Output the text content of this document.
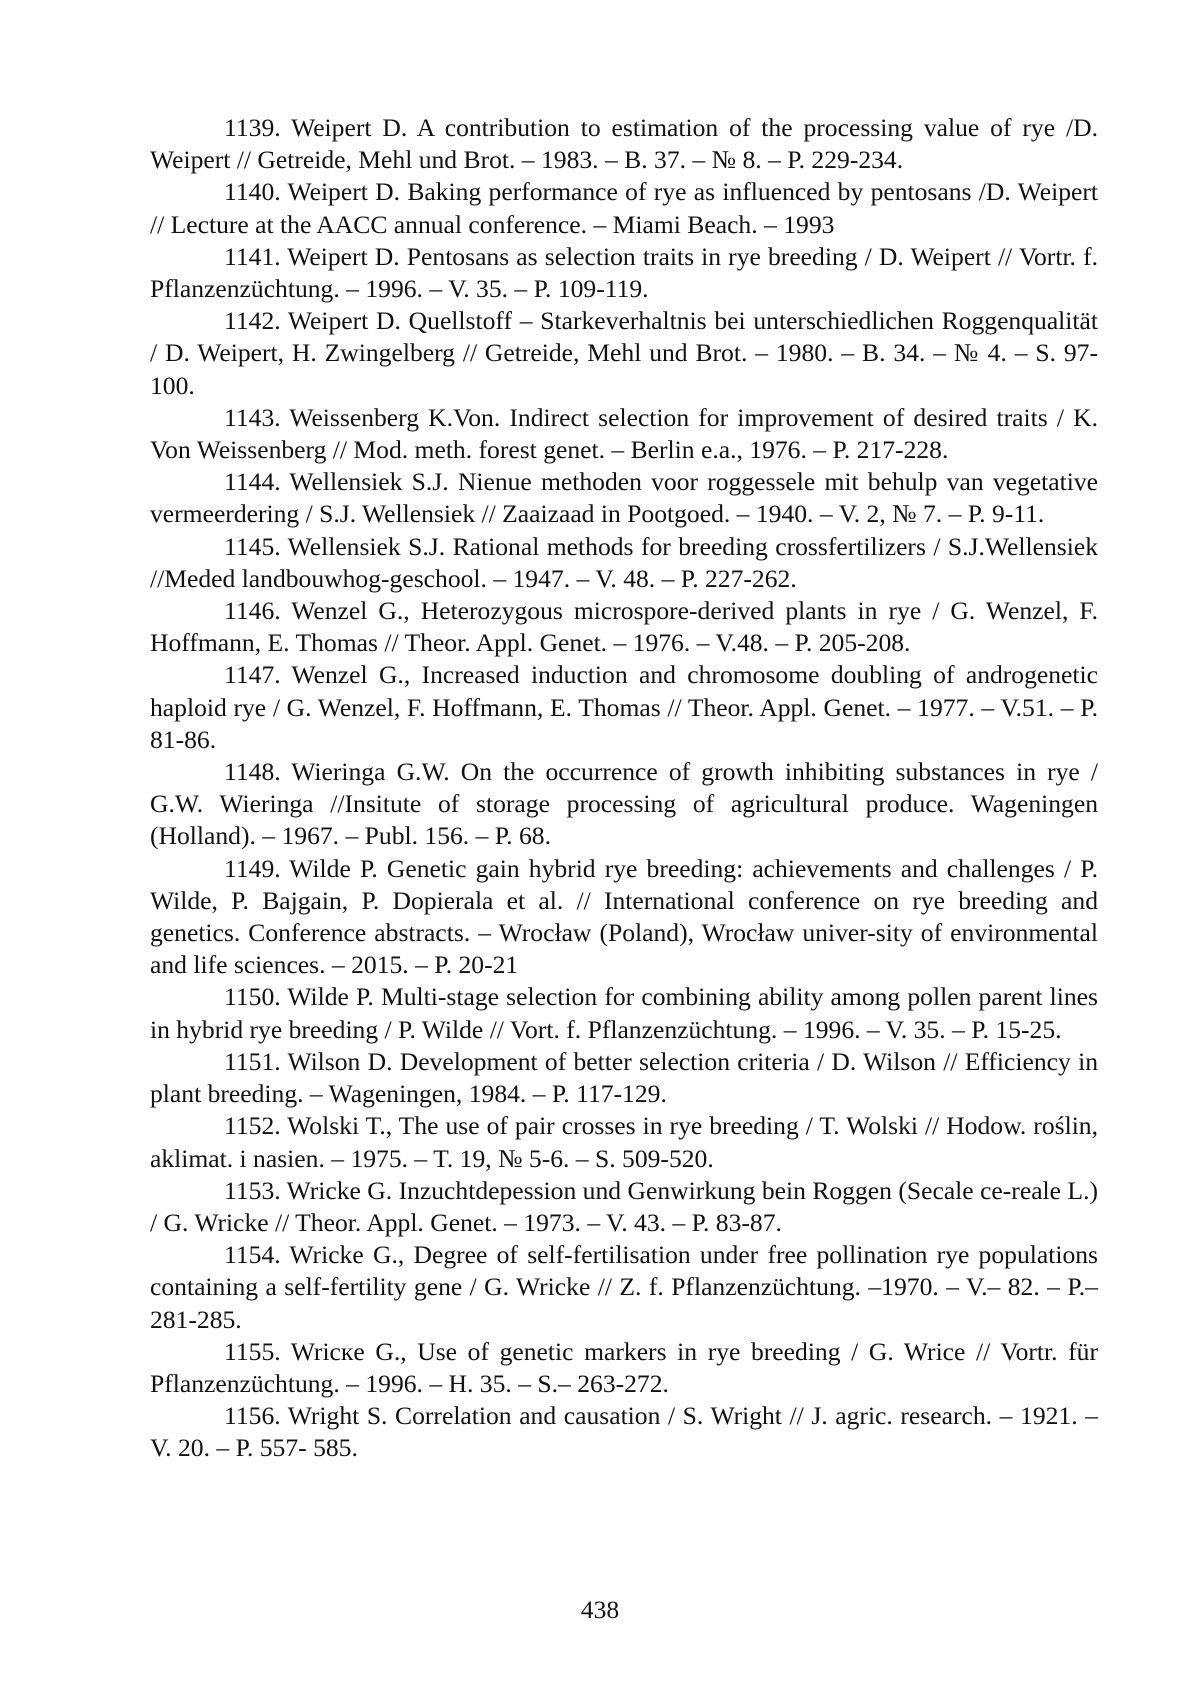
1139. Weipert D. A contribution to estimation of the processing value of rye /D. Weipert // Getreide, Mehl und Brot. – 1983. – B. 37. – № 8. – P. 229-234.

1140. Weipert D. Baking performance of rye as influenced by pentosans /D. Weipert // Lecture at the AACC annual conference. – Miami Beach. – 1993

1141. Weipert D. Pentosans as selection traits in rye breeding / D. Weipert // Vortr. f. Pflanzenzüchtung. – 1996. – V. 35. – P. 109-119.

1142. Weipert D. Quellstoff – Starkeverhaltnis bei unterschiedlichen Roggenqualität / D. Weipert, H. Zwingelberg // Getreide, Mehl und Brot. – 1980. – B. 34. – № 4. – S. 97-100.

1143. Weissenberg K.Von. Indirect selection for improvement of desired traits / K. Von Weissenberg // Mod. meth. forest genet. – Berlin e.a., 1976. – P. 217-228.

1144. Wellensiek S.J. Nienue methoden voor roggessele mit behulp van vegetative vermeerdering / S.J. Wellensiek // Zaaizaad in Pootgoed. – 1940. – V. 2, № 7. – P. 9-11.

1145. Wellensiek S.J. Rational methods for breeding crossfertilizers / S.J.Wellensiek //Meded landbouwhog-geschool. – 1947. – V. 48. – P. 227-262.

1146. Wenzel G., Heterozygous microspore-derived plants in rye / G. Wenzel, F. Hoffmann, E. Thomas // Theor. Appl. Genet. – 1976. – V.48. – P. 205-208.

1147. Wenzel G., Increased induction and chromosome doubling of androgenetic haploid rye / G. Wenzel, F. Hoffmann, E. Thomas // Theor. Appl. Genet. – 1977. – V.51. – P. 81-86.

1148. Wieringa G.W. On the occurrence of growth inhibiting substances in rye / G.W. Wieringa //Insitute of storage processing of agricultural produce. Wageningen (Holland). – 1967. – Publ. 156. – P. 68.

1149. Wilde P. Genetic gain hybrid rye breeding: achievements and challenges / P. Wilde, P. Bajgain, P. Dopierala et al. // International conference on rye breeding and genetics. Conference abstracts. – Wrocław (Poland), Wrocław univer-sity of environmental and life sciences. – 2015. – P. 20-21

1150. Wilde P. Multi-stage selection for combining ability among pollen parent lines in hybrid rye breeding / P. Wilde // Vort. f. Pflanzenzüchtung. – 1996. – V. 35. – P. 15-25.

1151. Wilson D. Development of better selection criteria / D. Wilson // Efficiency in plant breeding. – Wageningen, 1984. – P. 117-129.

1152. Wolski T., The use of pair crosses in rye breeding / T. Wolski // Hodow. roślin, aklimat. i nasien. – 1975. – T. 19, № 5-6. – S. 509-520.

1153. Wricke G. Inzuchtdepession und Genwirkung bein Roggen (Secale ce-reale L.) / G. Wricke // Theor. Appl. Genet. – 1973. – V. 43. – P. 83-87.

1154. Wricke G., Degree of self-fertilisation under free pollination rye populations containing a self-fertility gene / G. Wricke // Z. f. Pflanzenzüchtung. –1970. – V.– 82. – P.– 281-285.

1155. Wricкe G., Use of genetic markers in rye breeding / G. Wrice // Vortr. für Pflanzenzüchtung. – 1996. – H. 35. – S.– 263-272.

1156. Wright S. Correlation and causation / S. Wright // J. agric. research. – 1921. – V. 20. – P. 557- 585.

438
